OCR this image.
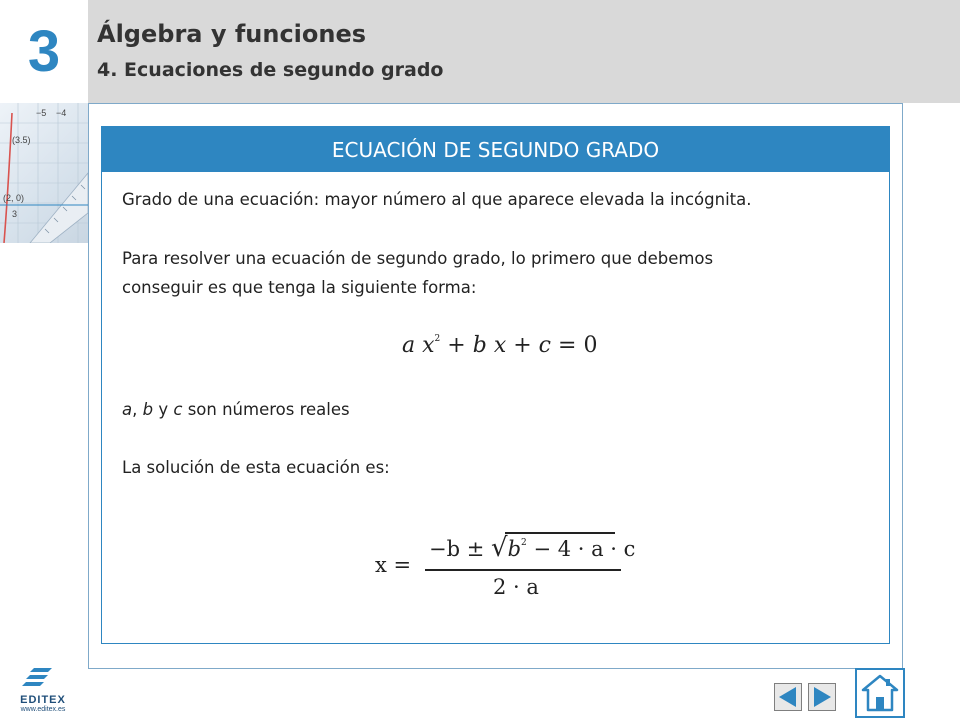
3	Álgebra y funciones
4. Ecuaciones de segundo grado
−5 −4
(3.5)
(2, 0)
3
ECUACIÓN DE SEGUNDO GRADO
Grado de una ecuación: mayor número al que aparece elevada la incógnita.
Para resolver una ecuación de segundo grado, lo primero que debemos
conseguir es que tenga la siguiente forma:
a $x^2 + b$ x + c = 0
a, b y c son números reales
La solución de esta ecuación es:
x =
$-b \pm √b^2 - 4 \cdot a \cdot c$
2 · a
EDITEX
www.editex.es
